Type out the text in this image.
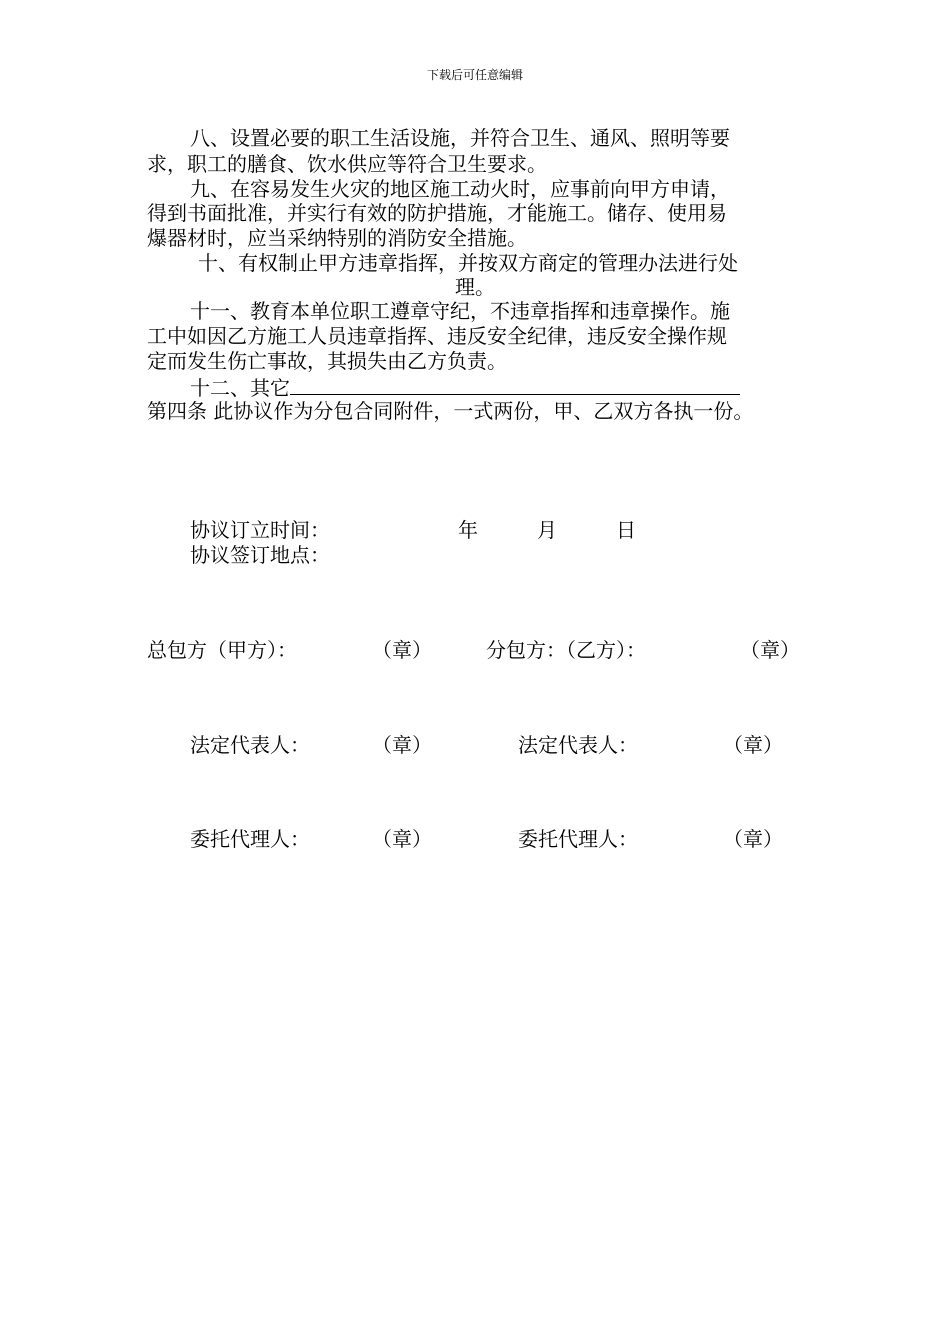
下载后可任意编辑
八、设置必要的职工生活设施，并符合卫生、通风、照明等要
求，职工的膳食、饮水供应等符合卫生要求。
九、在容易发生火灾的地区施工动火时，应事前向甲方申请，
得到书面批准，并实行有效的防护措施，才能施工。储存、使用易
爆器材时，应当采纳特别的消防安全措施。
十、有权制止甲方违章指挥，并按双方商定的管理办法进行处
理。
十一、教育本单位职工遵章守纪，不违章指挥和违章操作。施
工中如因乙方施工人员违章指挥、违反安全纪律，违反安全操作规
定而发生伤亡事故，其损失由乙方负责。
十二、其它
第四条 此协议作为分包合同附件，一式两份，甲、乙双方各执一份。
协议订立时间：	年	月	日
协议签订地点：
总包方（甲方）：	（章）	分包方：（乙方）：	（章）
法定代表人：	（章）	法定代表人：	（章）
委托代理人：	（章）	委托代理人：	（章）
